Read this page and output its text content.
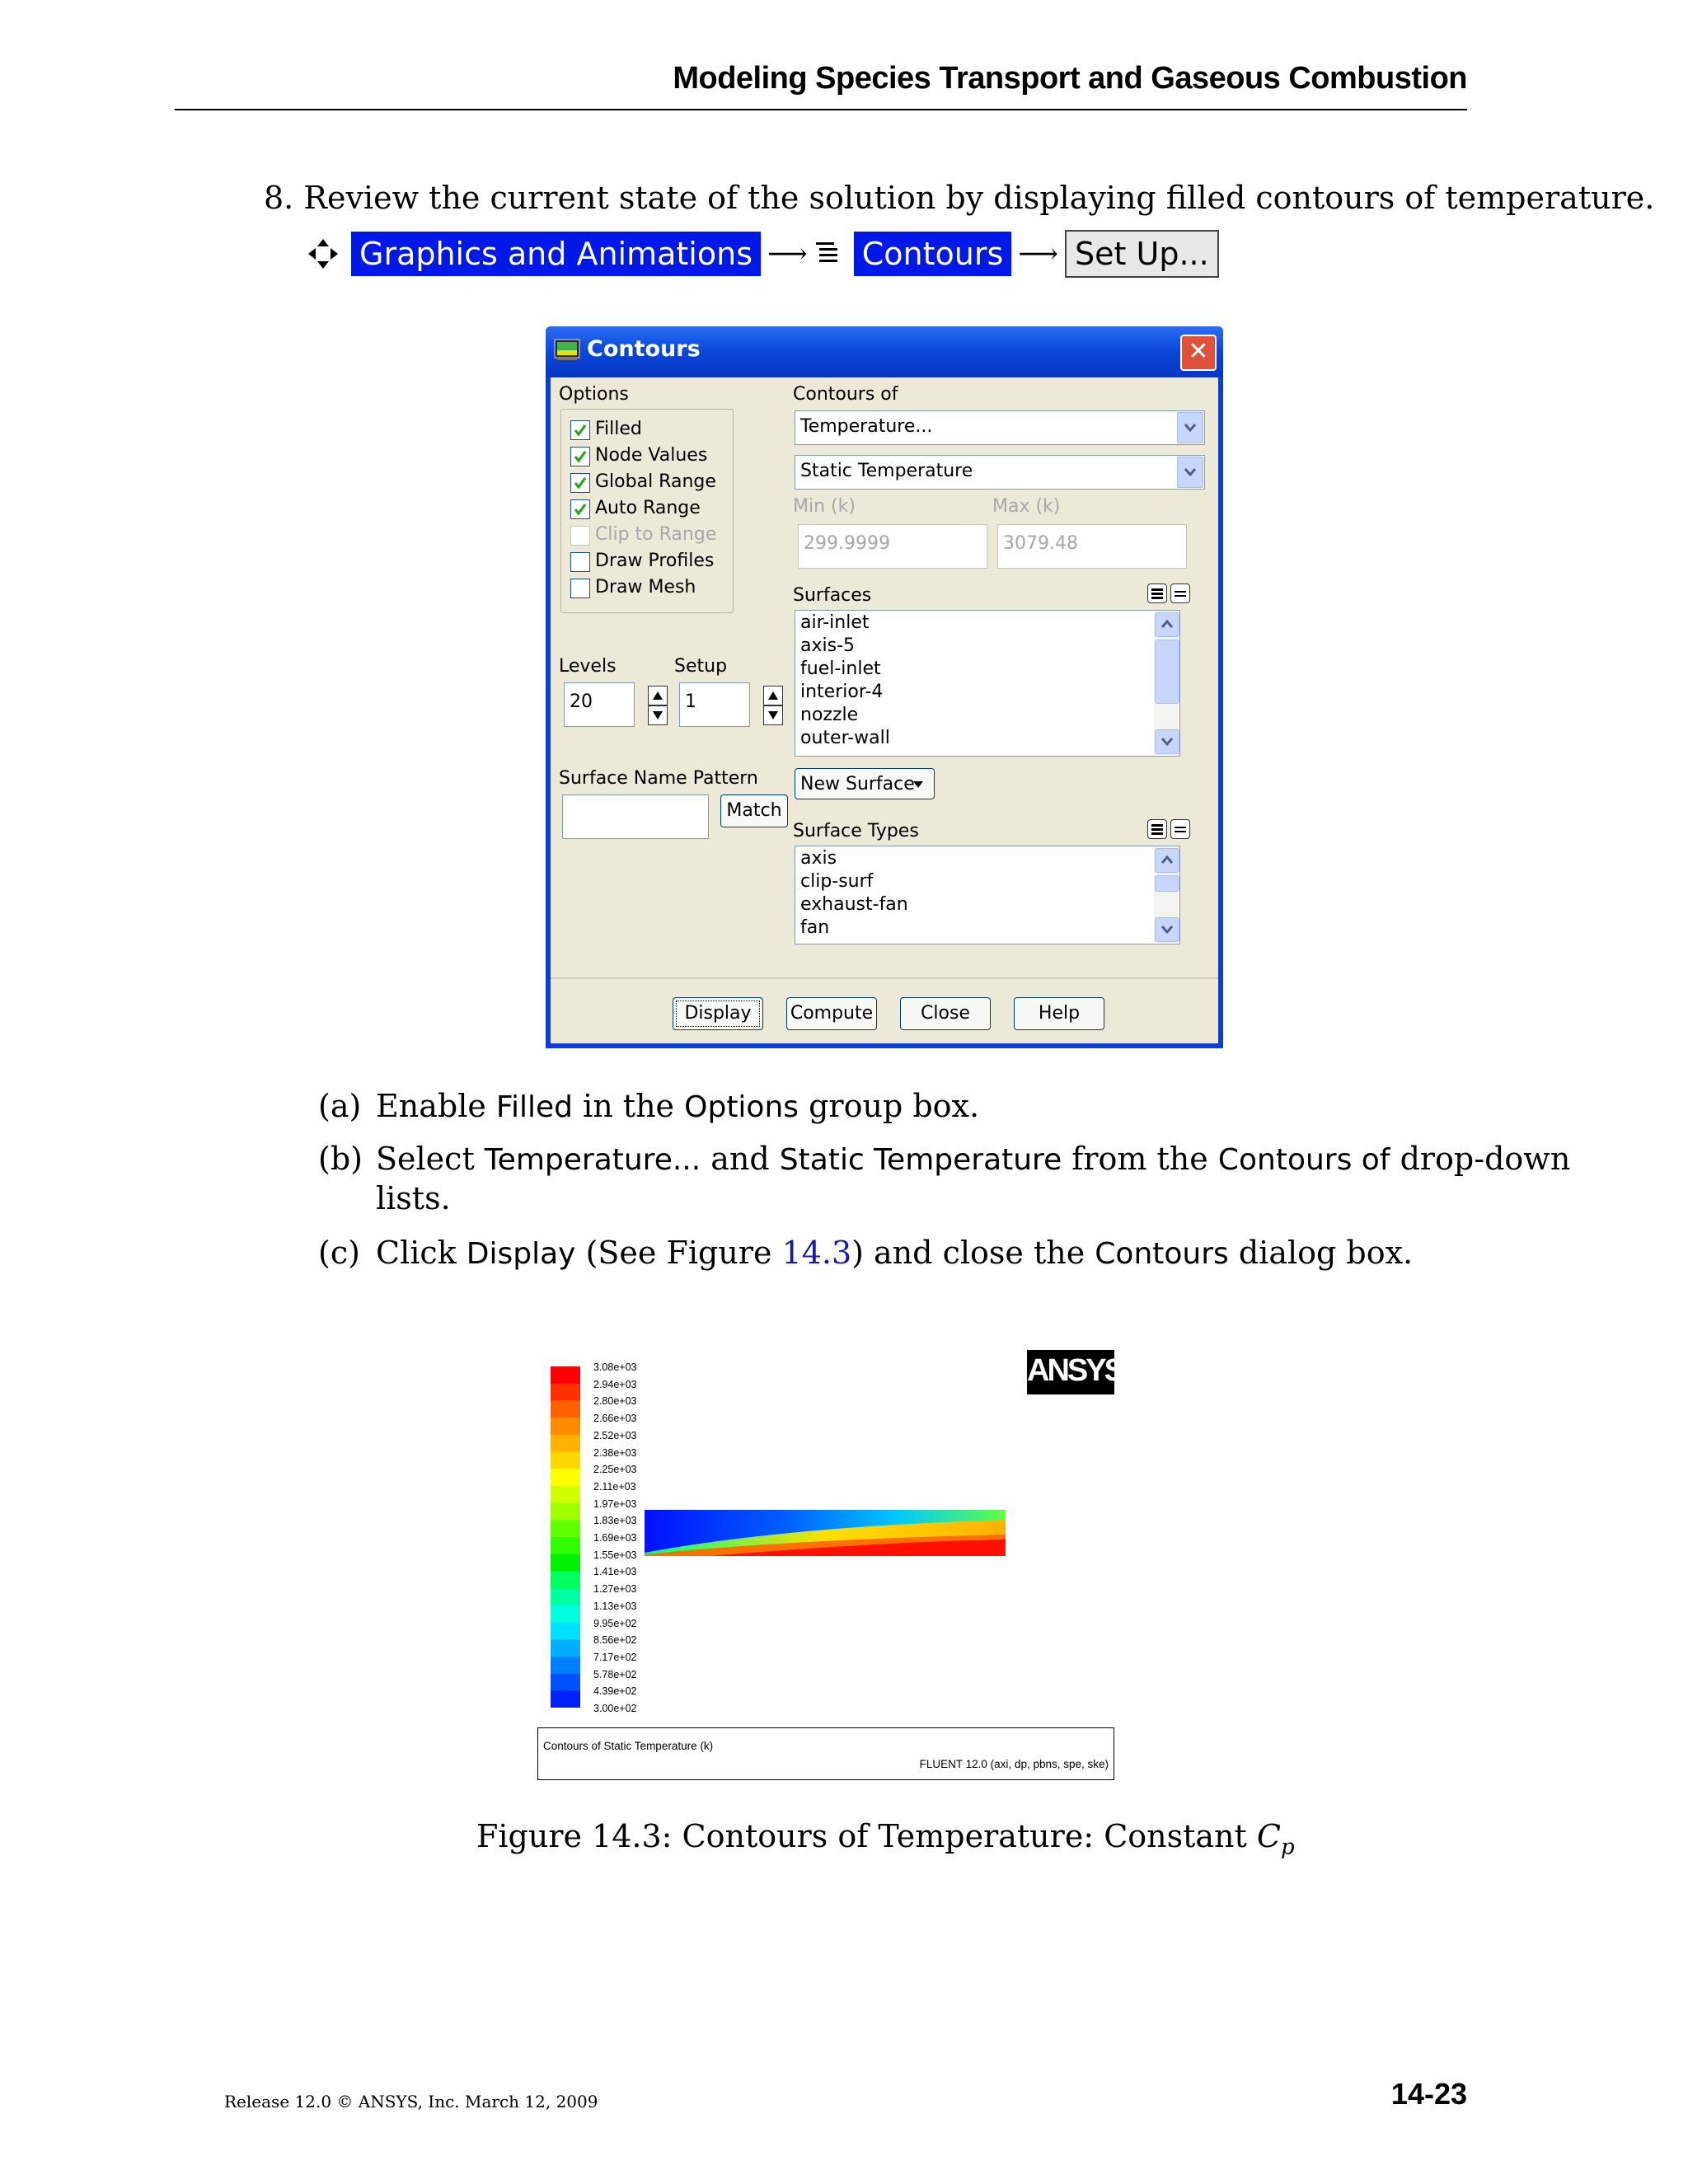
Modeling Species Transport and Gaseous Combustion
8. Review the current state of the solution by displaying filled contours of temperature.
Graphics and Animations ⟶ Contours ⟶ Set Up...
Contours	✕
Options
Filled
Node Values
Global Range
Auto Range
Clip to Range
Draw Profiles
Draw Mesh
Contours of
Temperature...
Static Temperature
Min (k)	Max (k)
299.9999	3079.48
Surfaces
air-inlet
axis-5
fuel-inlet
interior-4
nozzle
outer-wall
Levels	Setup
20	1
Surface Name Pattern
Match
New Surface
Surface Types
axis
clip-surf
exhaust-fan
fan
Display	Compute	Close	Help
(a) Enable Filled in the Options group box.
(b) Select Temperature... and Static Temperature from the Contours of drop-down
lists.
(c) Click Display (See Figure 14.3) and close the Contours dialog box.
3.08e+03
2.94e+03
2.80e+03
2.66e+03
2.52e+03
2.38e+03
2.25e+03
2.11e+03
1.97e+03
1.83e+03
1.69e+03
1.55e+03
1.41e+03
1.27e+03
1.13e+03
9.95e+02
8.56e+02
7.17e+02
5.78e+02
4.39e+02
3.00e+02
ANSYS
Contours of Static Temperature (k)
FLUENT 12.0 (axi, dp, pbns, spe, ske)
Figure 14.3: Contours of Temperature: Constant $C_p$
Release 12.0 © ANSYS, Inc. March 12, 2009	14-23
